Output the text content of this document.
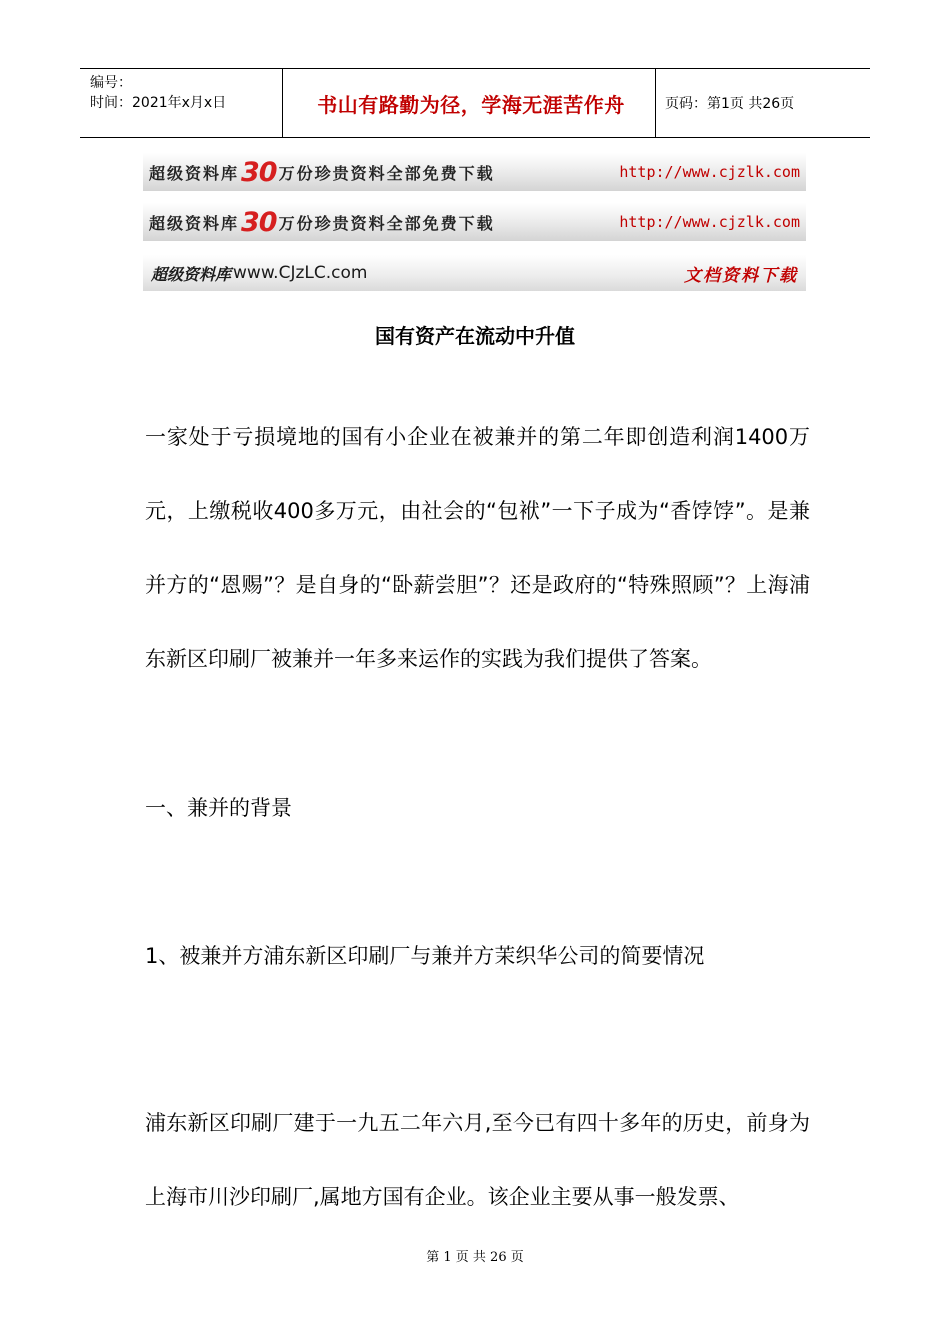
编号：
时间：2021年x月x日	书山有路勤为径，学海无涯苦作舟	页码：第1页 共26页
超级资料库 30 万份珍贵资料全部免费下载	http://www.cjzlk.com
超级资料库 30 万份珍贵资料全部免费下载	http://www.cjzlk.com
超级资料库 www.CJzLC.com	文档资料下载
国有资产在流动中升值
一家处于亏损境地的国有小企业在被兼并的第二年即创造利润1400万元，上缴税收400多万元，由社会的“包袱”一下子成为“香饽饽”。是兼并方的“恩赐”？是自身的“卧薪尝胆”？还是政府的“特殊照顾”？上海浦东新区印刷厂被兼并一年多来运作的实践为我们提供了答案。
一、兼并的背景
1、被兼并方浦东新区印刷厂与兼并方茉织华公司的简要情况
浦东新区印刷厂建于一九五二年六月,至今已有四十多年的历史，前身为上海市川沙印刷厂,属地方国有企业。该企业主要从事一般发票、
第 1 页 共 26 页
